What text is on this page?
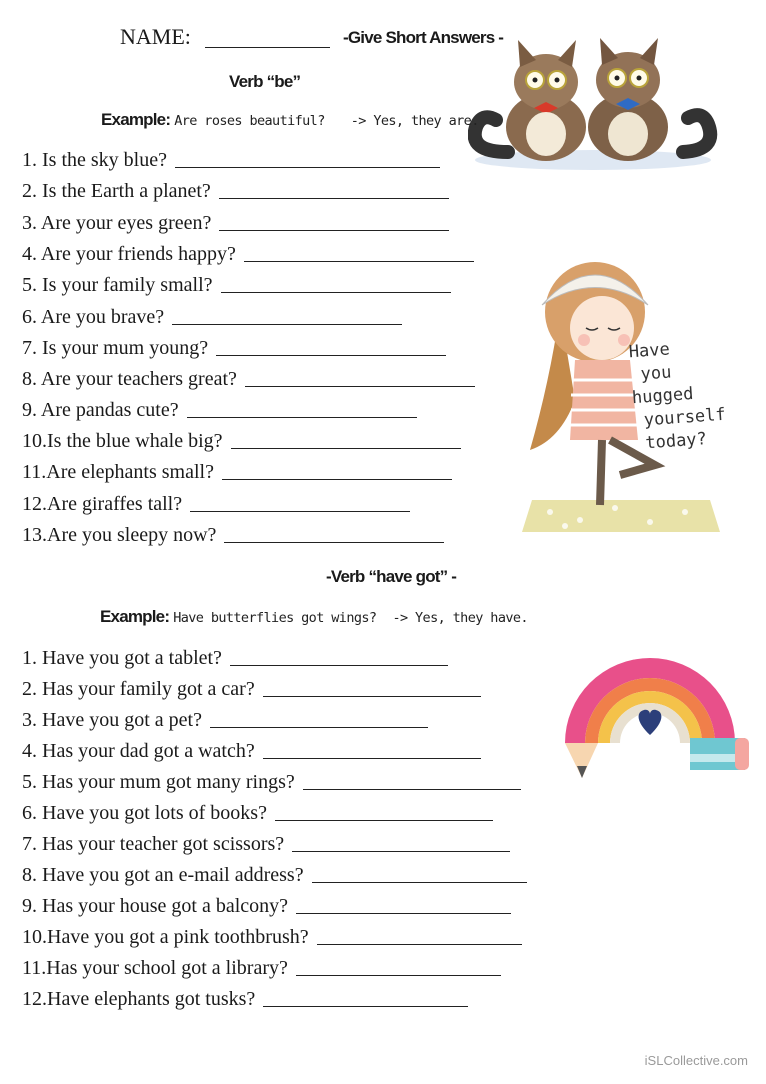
NAME:	-Give Short Answers -
Verb “be”
Example: Are roses beautiful? -> Yes, they are.
1. Is the sky blue?
2. Is the Earth a planet?
3. Are your eyes green?
4. Are your friends happy?
5. Is your family small?
6. Are you brave?
7. Is your mum young?
8. Are your teachers great?
9. Are pandas cute?
10.Is the blue whale big?
11.Are elephants small?
12.Are giraffes tall?
13.Are you sleepy now?
Have
you
hugged
yourself
today?
-Verb “have got” -
Example: Have butterflies got wings? -> Yes, they have.
1. Have you got a tablet?
2. Has your family got a car?
3. Have you got a pet?
4. Has your dad got a watch?
5. Has your mum got many rings?
6. Have you got lots of books?
7. Has your teacher got scissors?
8. Have you got an e-mail address?
9. Has your house got a balcony?
10.Have you got a pink toothbrush?
11.Has your school got a library?
12.Have elephants got tusks?
iSLCollective.com
